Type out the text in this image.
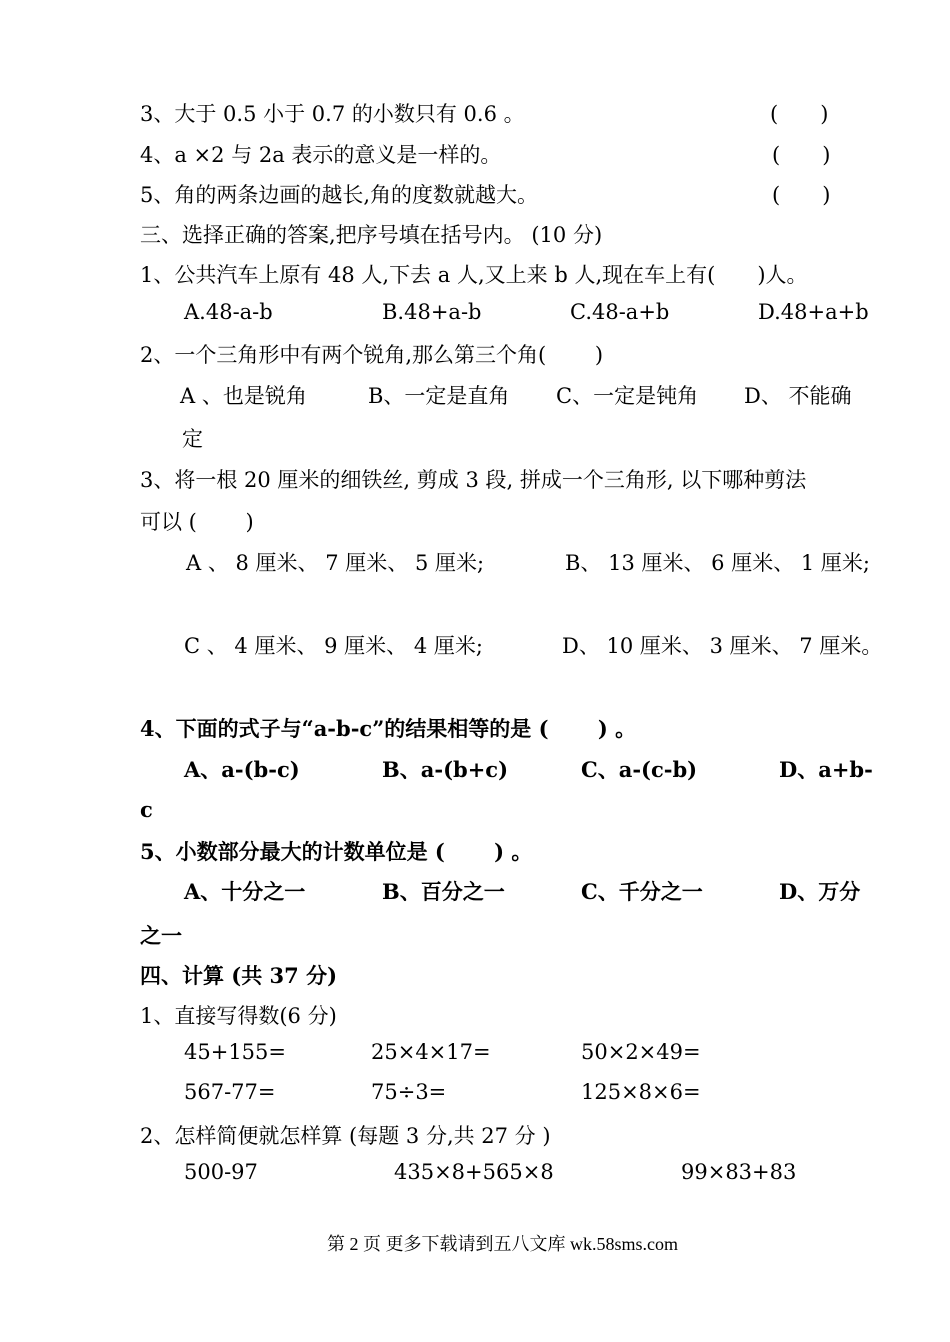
3、大于 0.5 小于 0.7 的小数只有 0.6 。	(　　)
4、a ×2 与 2a 表示的意义是一样的。	(　　)
5、角的两条边画的越长,角的度数就越大。	(　　)
三、选择正确的答案,把序号填在括号内。 (10 分)
1、公共汽车上原有 48 人,下去 a 人,又上来 b 人,现在车上有(　　)人。
A.48-a-b	B.48+a-b	C.48-a+b	D.48+a+b
2、一个三角形中有两个锐角,那么第三个角(　　 )
A 、也是锐角	B、一定是直角 C、一定是钝角 D、 不能确
定
3、将一根 20 厘米的细铁丝, 剪成 3 段, 拼成一个三角形, 以下哪种剪法
可以 (　　 )
A 、 8 厘米、 7 厘米、 5 厘米;	B、 13 厘米、 6 厘米、 1 厘米;
C 、 4 厘米、 9 厘米、 4 厘米;	D、 10 厘米、 3 厘米、 7 厘米。
4、下面的式子与“a-b-c”的结果相等的是 (　　 ) 。
A、a-(b-c)	B、a-(b+c)	C、a-(c-b)	D、a+b-
c
5、小数部分最大的计数单位是 (　　 ) 。
A、十分之一	B、百分之一	C、千分之一	D、万分
之一
四、计算 (共 37 分)
1、直接写得数(6 分)
45+155=	25×4×17=	50×2×49=
567-77=	75÷3=	125×8×6=
2、怎样简便就怎样算 (每题 3 分,共 27 分 )
500-97	435×8+565×8	99×83+83
第 2 页 更多下载请到五八文库 wk.58sms.com
